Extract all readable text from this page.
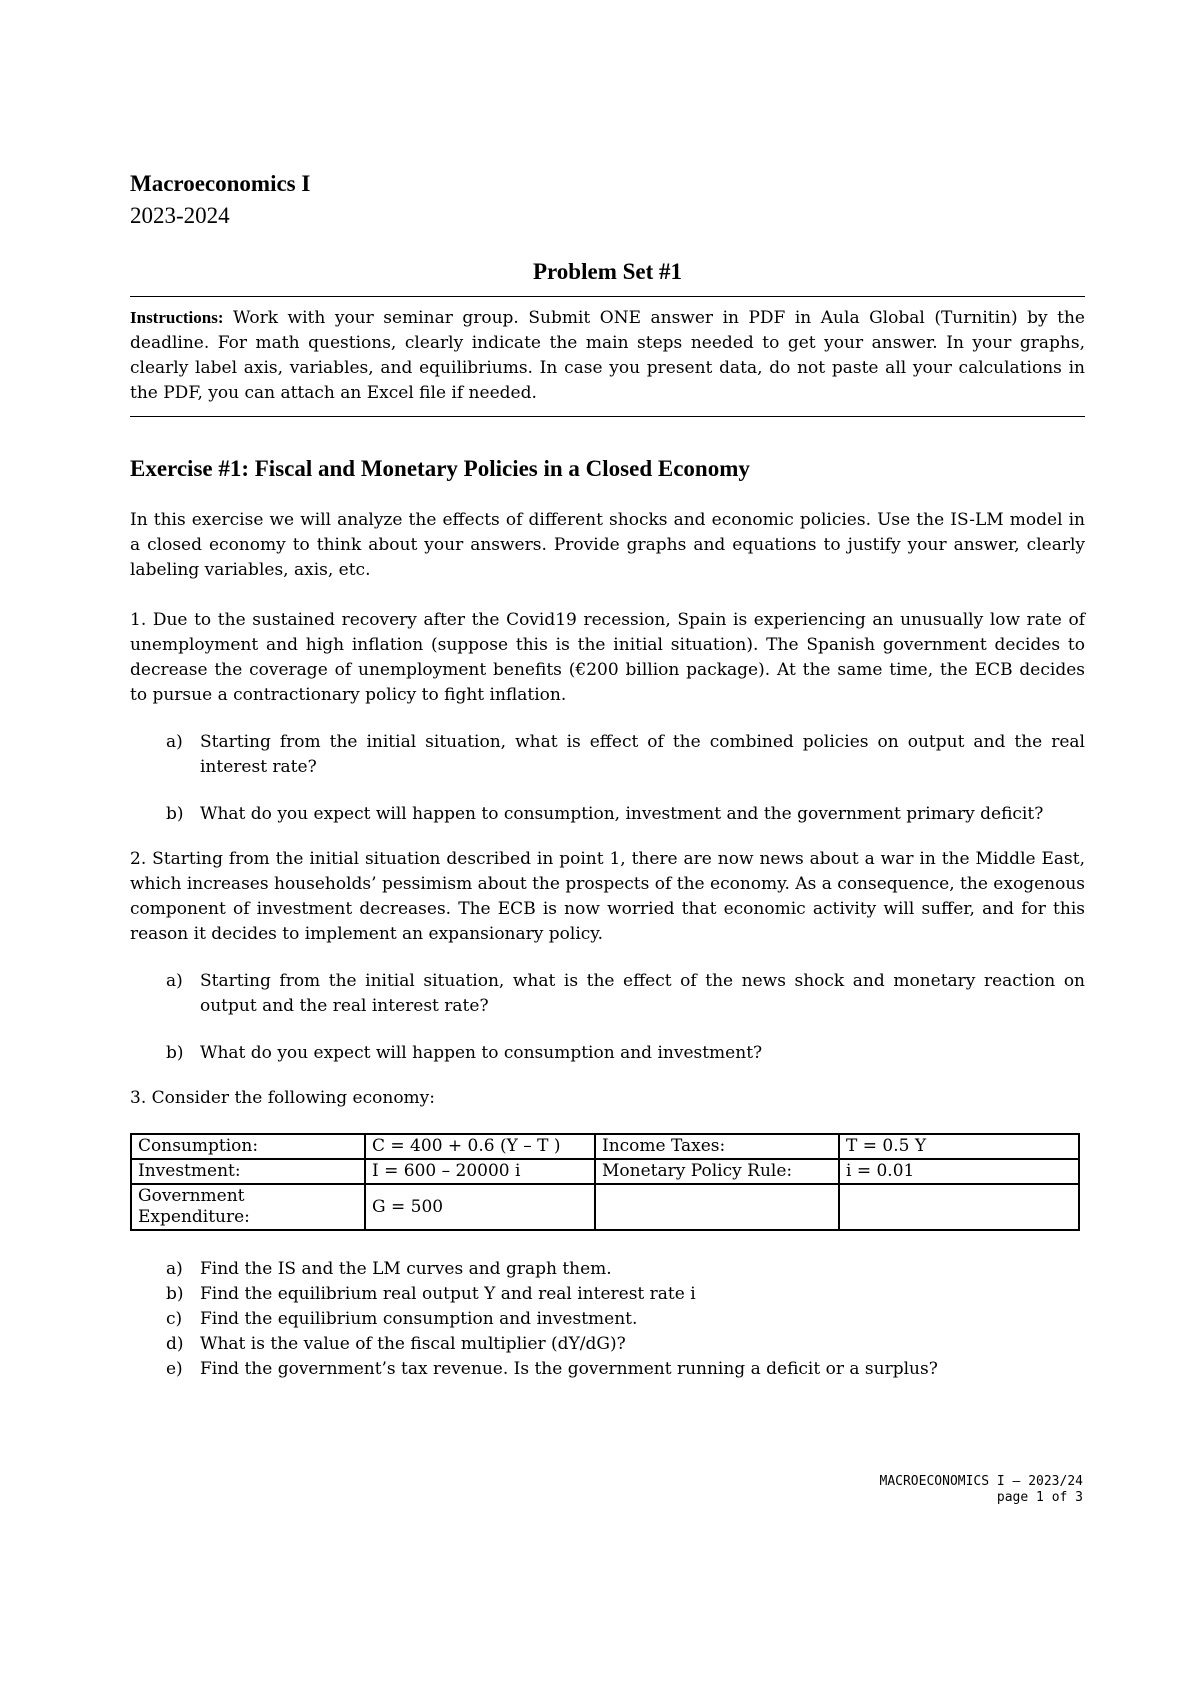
Macroeconomics I
2023-2024
Problem Set #1
Instructions: Work with your seminar group. Submit ONE answer in PDF in Aula Global (Turnitin) by the deadline. For math questions, clearly indicate the main steps needed to get your answer. In your graphs, clearly label axis, variables, and equilibriums. In case you present data, do not paste all your calculations in the PDF, you can attach an Excel file if needed.
Exercise #1: Fiscal and Monetary Policies in a Closed Economy

In this exercise we will analyze the effects of different shocks and economic policies. Use the IS-LM model in a closed economy to think about your answers. Provide graphs and equations to justify your answer, clearly labeling variables, axis, etc.

1. Due to the sustained recovery after the Covid19 recession, Spain is experiencing an unusually low rate of unemployment and high inflation (suppose this is the initial situation). The Spanish government decides to decrease the coverage of unemployment benefits (€200 billion package). At the same time, the ECB decides to pursue a contractionary policy to fight inflation.

a)	Starting from the initial situation, what is effect of the combined policies on output and the real interest rate?
b) What do you expect will happen to consumption, investment and the government primary deficit?

2. Starting from the initial situation described in point 1, there are now news about a war in the Middle East, which increases households’ pessimism about the prospects of the economy. As a consequence, the exogenous component of investment decreases. The ECB is now worried that economic activity will suffer, and for this reason it decides to implement an expansionary policy.

a)	Starting from the initial situation, what is the effect of the news shock and monetary reaction on output and the real interest rate?
b) What do you expect will happen to consumption and investment?

3. Consider the following economy:

Consumption:	C = 400 + 0.6 (Y – T )	Income Taxes:	T = 0.5 Y
Investment:	I = 600 – 20000 i	Monetary Policy Rule:	i = 0.01
Government Expenditure:	G = 500		
a)	Find the IS and the LM curves and graph them.
b) Find the equilibrium real output Y and real interest rate i
c)	Find the equilibrium consumption and investment.
d) What is the value of the fiscal multiplier (dY/dG)?
e)	Find the government’s tax revenue. Is the government running a deficit or a surplus?
MACROECONOMICS I – 2023/24
page 1 of 3
